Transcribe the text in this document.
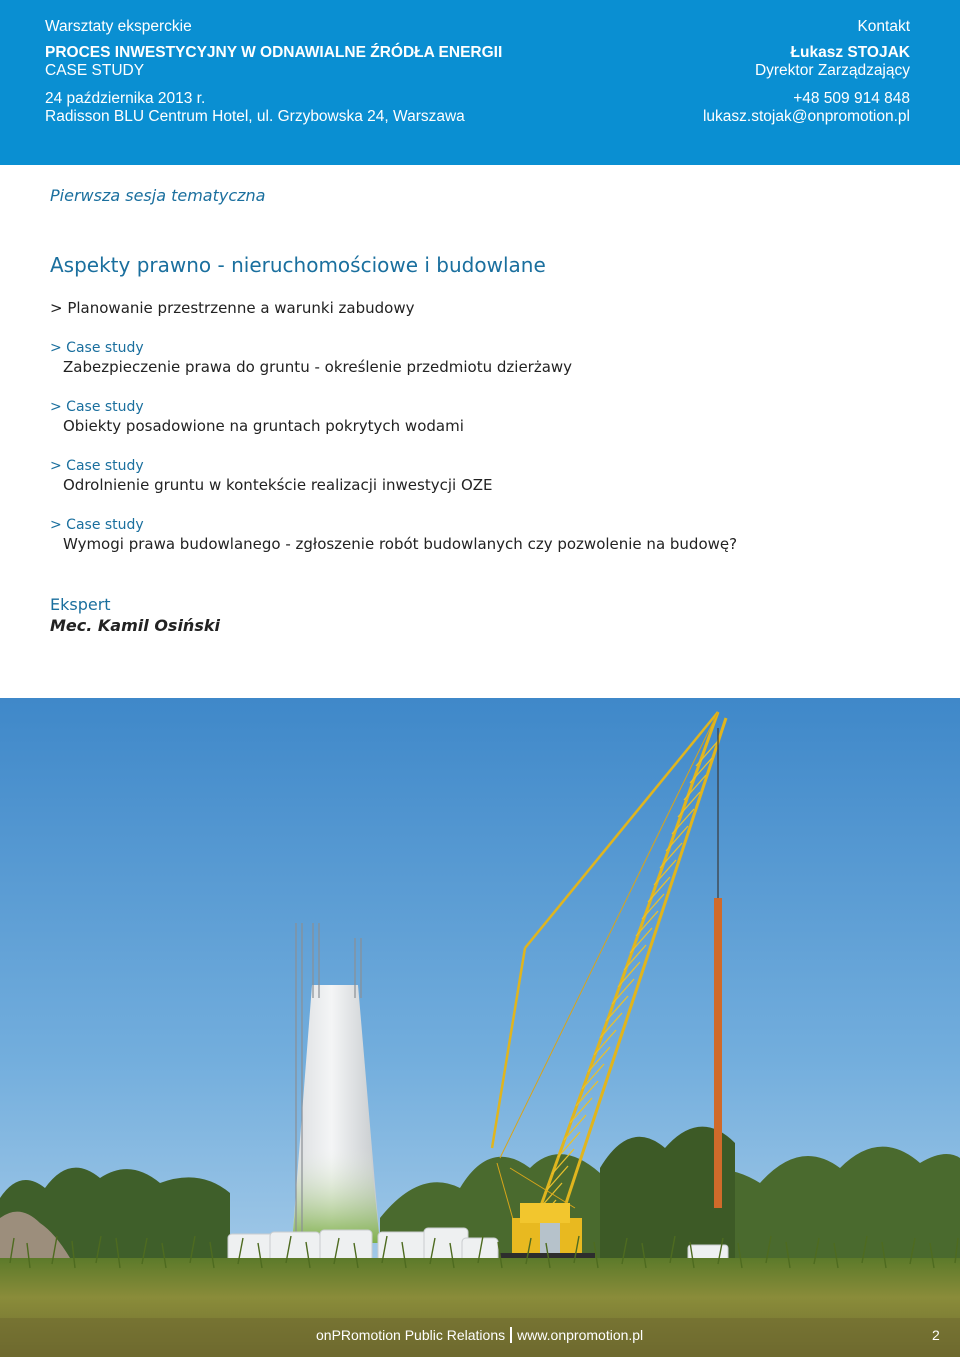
Warsztaty eksperckie
PROCES INWESTYCYJNY W ODNAWIALNE ŹRÓDŁA ENERGII
CASE STUDY
24 października 2013 r.
Radisson BLU Centrum Hotel, ul. Grzybowska 24, Warszawa
Kontakt
Łukasz STOJAK
Dyrektor Zarządzający
+48 509 914 848
lukasz.stojak@onpromotion.pl
Pierwsza sesja tematyczna
Aspekty prawno - nieruchomościowe i budowlane
> Planowanie przestrzenne a warunki zabudowy
> Case study
Zabezpieczenie prawa do gruntu - określenie przedmiotu dzierżawy
> Case study
Obiekty posadowione na gruntach pokrytych wodami
> Case study
Odrolnienie gruntu w kontekście realizacji inwestycji OZE
> Case study
Wymogi prawa budowlanego - zgłoszenie robót budowlanych czy pozwolenie na budowę?
Ekspert
Mec. Kamil Osiński
onPRomotion Public Relations www.onpromotion.pl	2
